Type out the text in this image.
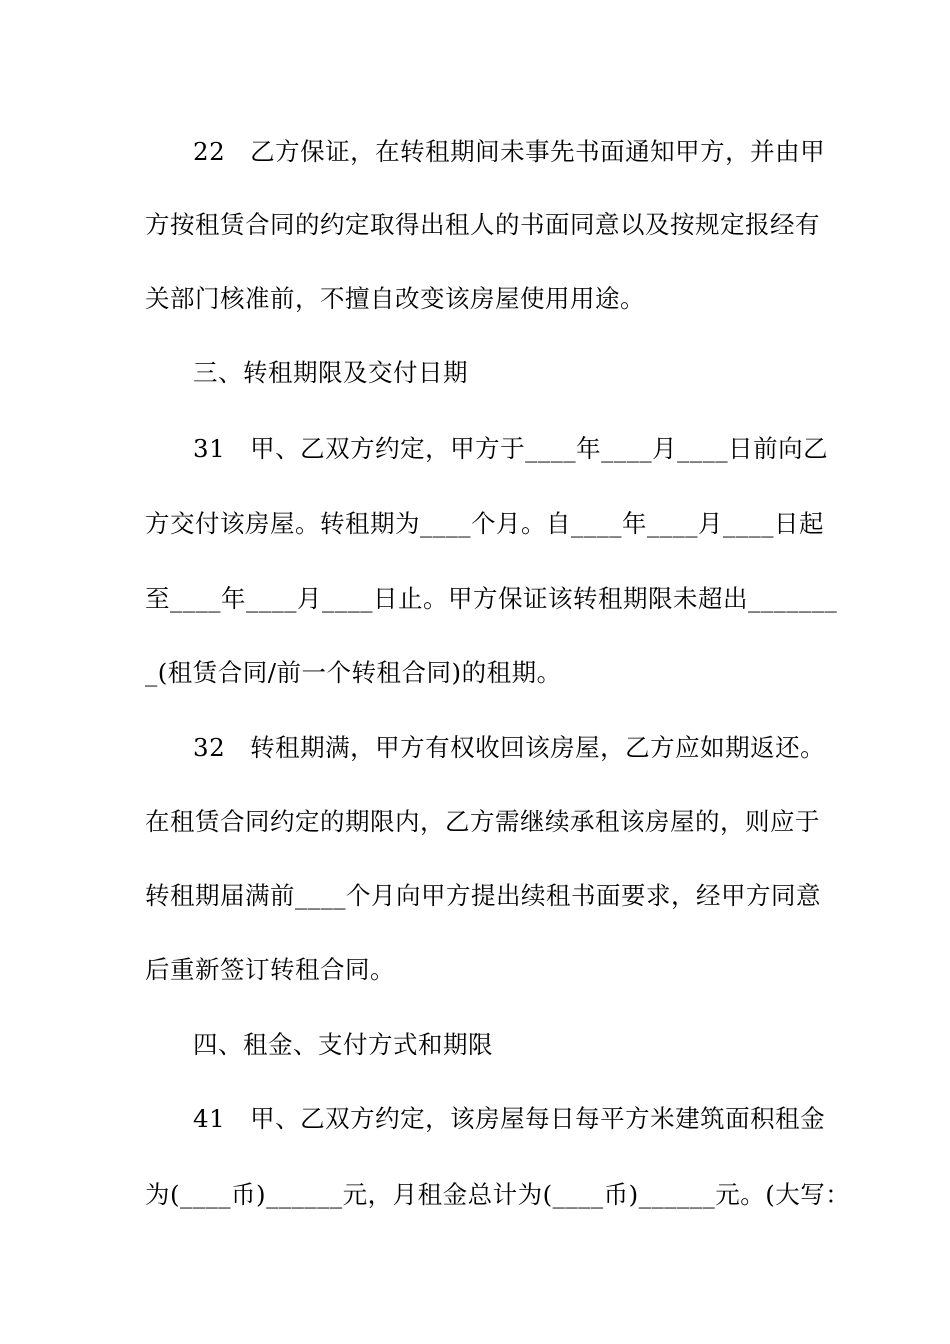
22　乙方保证，在转租期间未事先书面通知甲方，并由甲
方按租赁合同的约定取得出租人的书面同意以及按规定报经有
关部门核准前，不擅自改变该房屋使用用途。
三、转租期限及交付日期
31　甲、乙双方约定，甲方于____年____月____日前向乙
方交付该房屋。转租期为____个月。自____年____月____日起
至____年____月____日止。甲方保证该转租期限未超出_______
_(租赁合同/前一个转租合同)的租期。
32　转租期满，甲方有权收回该房屋，乙方应如期返还。
在租赁合同约定的期限内，乙方需继续承租该房屋的，则应于
转租期届满前____个月向甲方提出续租书面要求，经甲方同意
后重新签订转租合同。
四、租金、支付方式和期限
41　甲、乙双方约定，该房屋每日每平方米建筑面积租金
为(____币)______元，月租金总计为(____币)______元。(大写：
